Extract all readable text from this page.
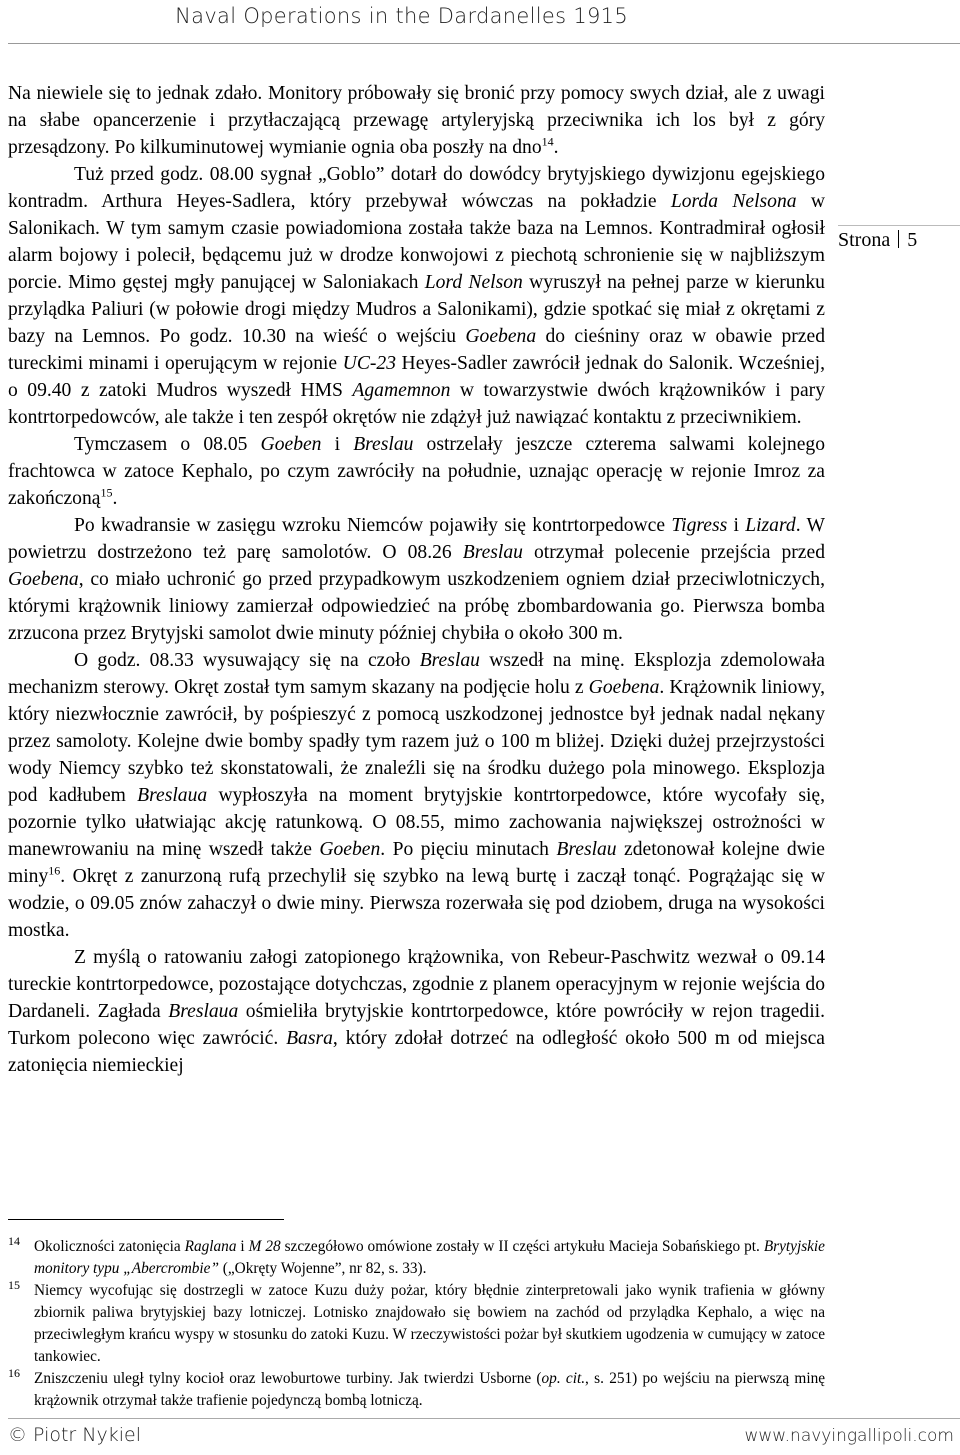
Naval Operations in the Dardanelles 1915
Strona 5

Na niewiele się to jednak zdało. Monitory próbowały się bronić przy pomocy swych dział, ale z uwagi na słabe opancerzenie i przytłaczającą przewagę artyleryjską przeciwnika ich los był z góry przesądzony. Po kilkuminutowej wymianie ognia oba poszły na dno$^{14}$.

Tuż przed godz. 08.00 sygnał „Goblo” dotarł do dowódcy brytyjskiego dywizjonu egejskiego kontradm. Arthura Heyes-Sadlera, który przebywał wówczas na pokładzie Lorda Nelsona w Salonikach. W tym samym czasie powiadomiona została także baza na Lemnos. Kontradmirał ogłosił alarm bojowy i polecił, będącemu już w drodze konwojowi z piechotą schronienie się w najbliższym porcie. Mimo gęstej mgły panującej w Saloniakach Lord Nelson wyruszył na pełnej parze w kierunku przylądka Paliuri (w połowie drogi między Mudros a Salonikami), gdzie spotkać się miał z okrętami z bazy na Lemnos. Po godz. 10.30 na wieść o wejściu Goebena do cieśniny oraz w obawie przed tureckimi minami i operującym w rejonie UC-23 Heyes-Sadler zawrócił jednak do Salonik. Wcześniej, o 09.40 z zatoki Mudros wyszedł HMS Agamemnon w towarzystwie dwóch krążowników i pary kontrtorpedowców, ale także i ten zespół okrętów nie zdążył już nawiązać kontaktu z przeciwnikiem.

Tymczasem o 08.05 Goeben i Breslau ostrzelały jeszcze czterema salwami kolejnego frachtowca w zatoce Kephalo, po czym zawróciły na południe, uznając operację w rejonie Imroz za zakończoną$^{15}$.

Po kwadransie w zasięgu wzroku Niemców pojawiły się kontrtorpedowce Tigress i Lizard. W powietrzu dostrzeżono też parę samolotów. O 08.26 Breslau otrzymał polecenie przejścia przed Goebena, co miało uchronić go przed przypadkowym uszkodzeniem ogniem dział przeciwlotniczych, którymi krążownik liniowy zamierzał odpowiedzieć na próbę zbombardowania go. Pierwsza bomba zrzucona przez Brytyjski samolot dwie minuty później chybiła o około 300 m.

O godz. 08.33 wysuwający się na czoło Breslau wszedł na minę. Eksplozja zdemolowała mechanizm sterowy. Okręt został tym samym skazany na podjęcie holu z Goebena. Krążownik liniowy, który niezwłocznie zawrócił, by pośpieszyć z pomocą uszkodzonej jednostce był jednak nadal nękany przez samoloty. Kolejne dwie bomby spadły tym razem już o 100 m bliżej. Dzięki dużej przejrzystości wody Niemcy szybko też skonstatowali, że znaleźli się na środku dużego pola minowego. Eksplozja pod kadłubem Breslaua wypłoszyła na moment brytyjskie kontrtorpedowce, które wycofały się, pozornie tylko ułatwiając akcję ratunkową. O 08.55, mimo zachowania największej ostrożności w manewrowaniu na minę wszedł także Goeben. Po pięciu minutach Breslau zdetonował kolejne dwie miny$^{16}$. Okręt z zanurzoną rufą przechylił się szybko na lewą burtę i zaczął tonąć. Pogrążając się w wodzie, o 09.05 znów zahaczył o dwie miny. Pierwsza rozerwała się pod dziobem, druga na wysokości mostka.

Z myślą o ratowaniu załogi zatopionego krążownika, von Rebeur-Paschwitz wezwał o 09.14 tureckie kontrtorpedowce, pozostające dotychczas, zgodnie z planem operacyjnym w rejonie wejścia do Dardaneli. Zagłada Breslaua ośmieliła brytyjskie kontrtorpedowce, które powróciły w rejon tragedii. Turkom polecono więc zawrócić. Basra, który zdołał dotrzeć na odległość około 500 m od miejsca zatonięcia niemieckiej

14 Okoliczności zatonięcia Raglana i M 28 szczegółowo omówione zostały w II części artykułu Macieja Sobańskiego pt. Brytyjskie monitory typu „Abercrombie” („Okręty Wojenne”, nr 82, s. 33).
15 Niemcy wycofując się dostrzegli w zatoce Kuzu duży pożar, który błędnie zinterpretowali jako wynik trafienia w główny zbiornik paliwa brytyjskiej bazy lotniczej. Lotnisko znajdowało się bowiem na zachód od przylądka Kephalo, a więc na przeciwległym krańcu wyspy w stosunku do zatoki Kuzu. W rzeczywistości pożar był skutkiem ugodzenia w cumujący w zatoce tankowiec.
16 Zniszczeniu uległ tylny kocioł oraz lewoburtowe turbiny. Jak twierdzi Usborne (op. cit., s. 251) po wejściu na pierwszą minę krążownik otrzymał także trafienie pojedynczą bombą lotniczą.
© Piotr Nykiel	www.navyingallipoli.com
